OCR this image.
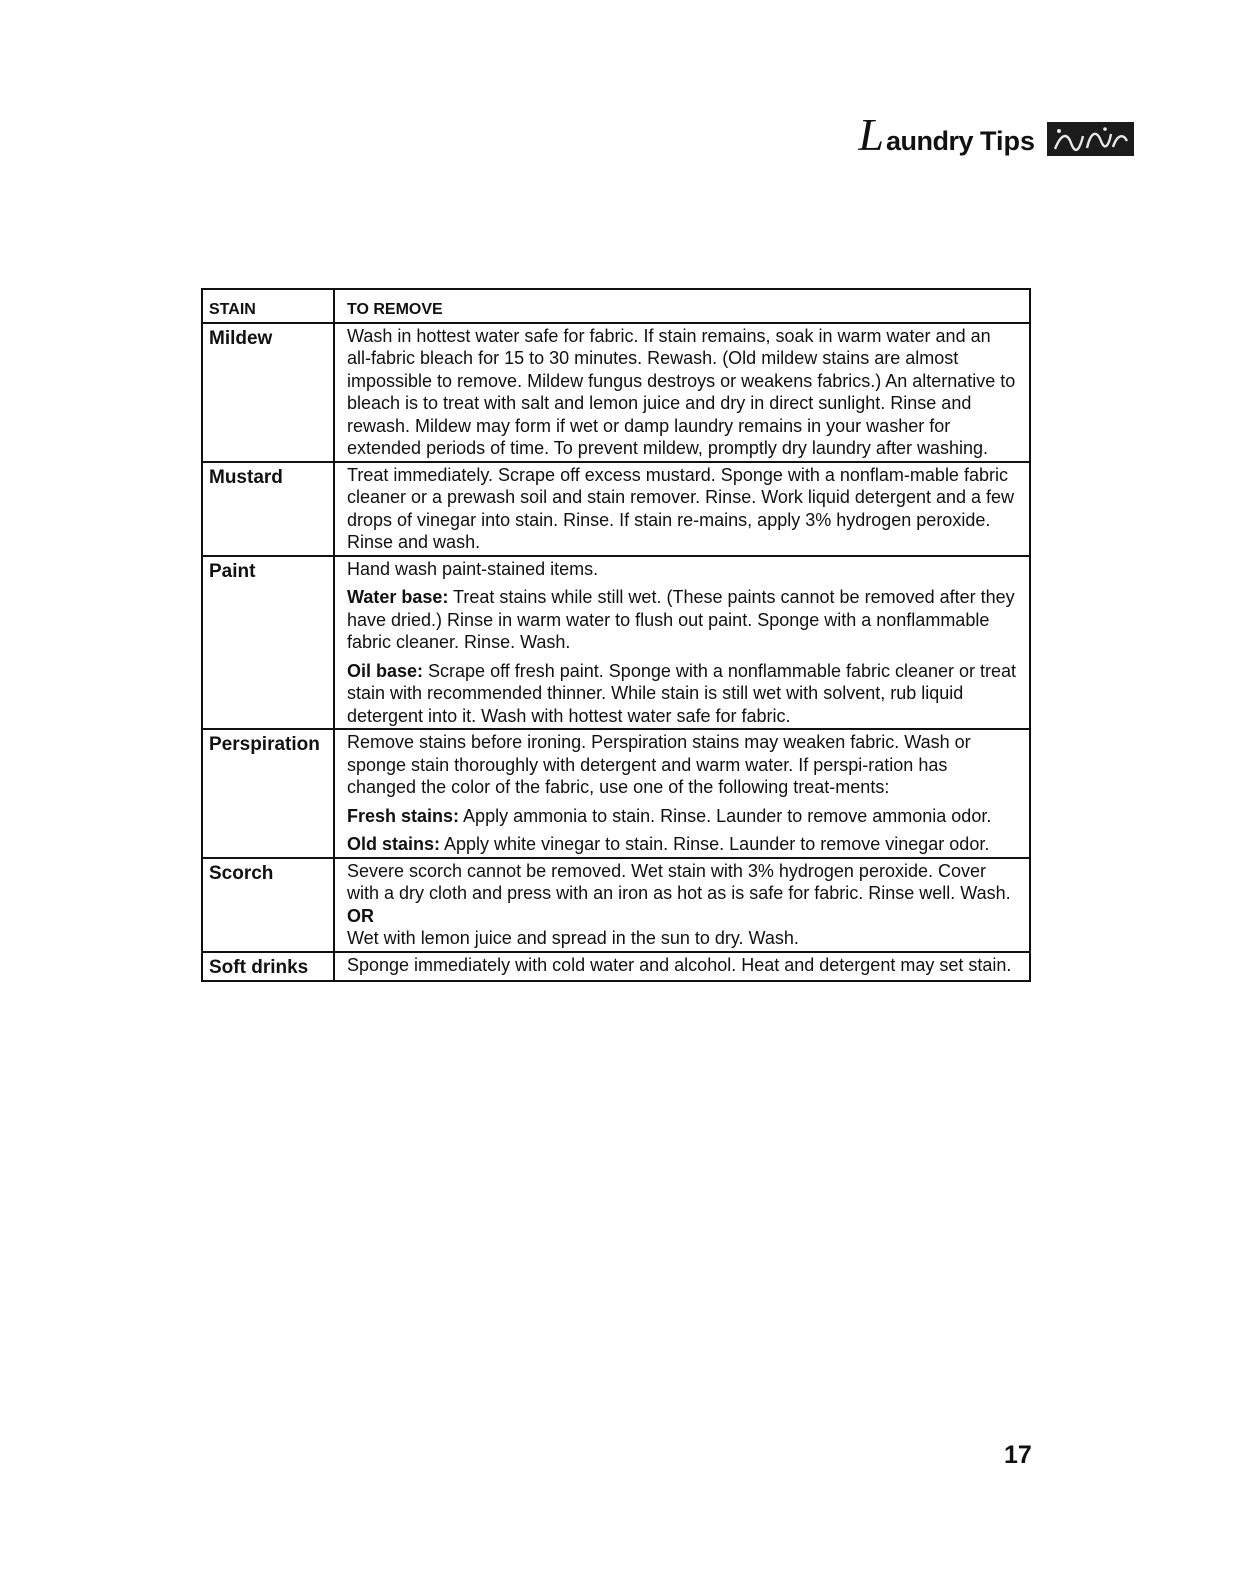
L aundry Tips
STAIN	TO REMOVE
Mildew	Wash in hottest water safe for fabric. If stain remains, soak in warm water and an all-fabric bleach for 15 to 30 minutes. Rewash. (Old mildew stains are almost impossible to remove. Mildew fungus destroys or weakens fabrics.) An alternative to bleach is to treat with salt and lemon juice and dry in direct sunlight. Rinse and rewash. Mildew may form if wet or damp laundry remains in your washer for extended periods of time. To prevent mildew, promptly dry laundry after washing.

Mustard	Treat immediately. Scrape off excess mustard. Sponge with a nonflam-mable fabric cleaner or a prewash soil and stain remover. Rinse. Work liquid detergent and a few drops of vinegar into stain. Rinse. If stain re-mains, apply 3% hydrogen peroxide. Rinse and wash.

Paint	Hand wash paint-stained items.

Water base: Treat stains while still wet. (These paints cannot be removed after they have dried.) Rinse in warm water to flush out paint. Sponge with a nonflammable fabric cleaner. Rinse. Wash.

Oil base: Scrape off fresh paint. Sponge with a nonflammable fabric cleaner or treat stain with recommended thinner. While stain is still wet with solvent, rub liquid detergent into it. Wash with hottest water safe for fabric.

Perspiration	Remove stains before ironing. Perspiration stains may weaken fabric. Wash or sponge stain thoroughly with detergent and warm water. If perspi-ration has changed the color of the fabric, use one of the following treat-ments:

Fresh stains: Apply ammonia to stain. Rinse. Launder to remove ammonia odor.

Old stains: Apply white vinegar to stain. Rinse. Launder to remove vinegar odor.

Scorch	Severe scorch cannot be removed. Wet stain with 3% hydrogen peroxide. Cover with a dry cloth and press with an iron as hot as is safe for fabric. Rinse well. Wash.
OR
Wet with lemon juice and spread in the sun to dry. Wash.

Soft drinks	Sponge immediately with cold water and alcohol. Heat and detergent may set stain.

17
